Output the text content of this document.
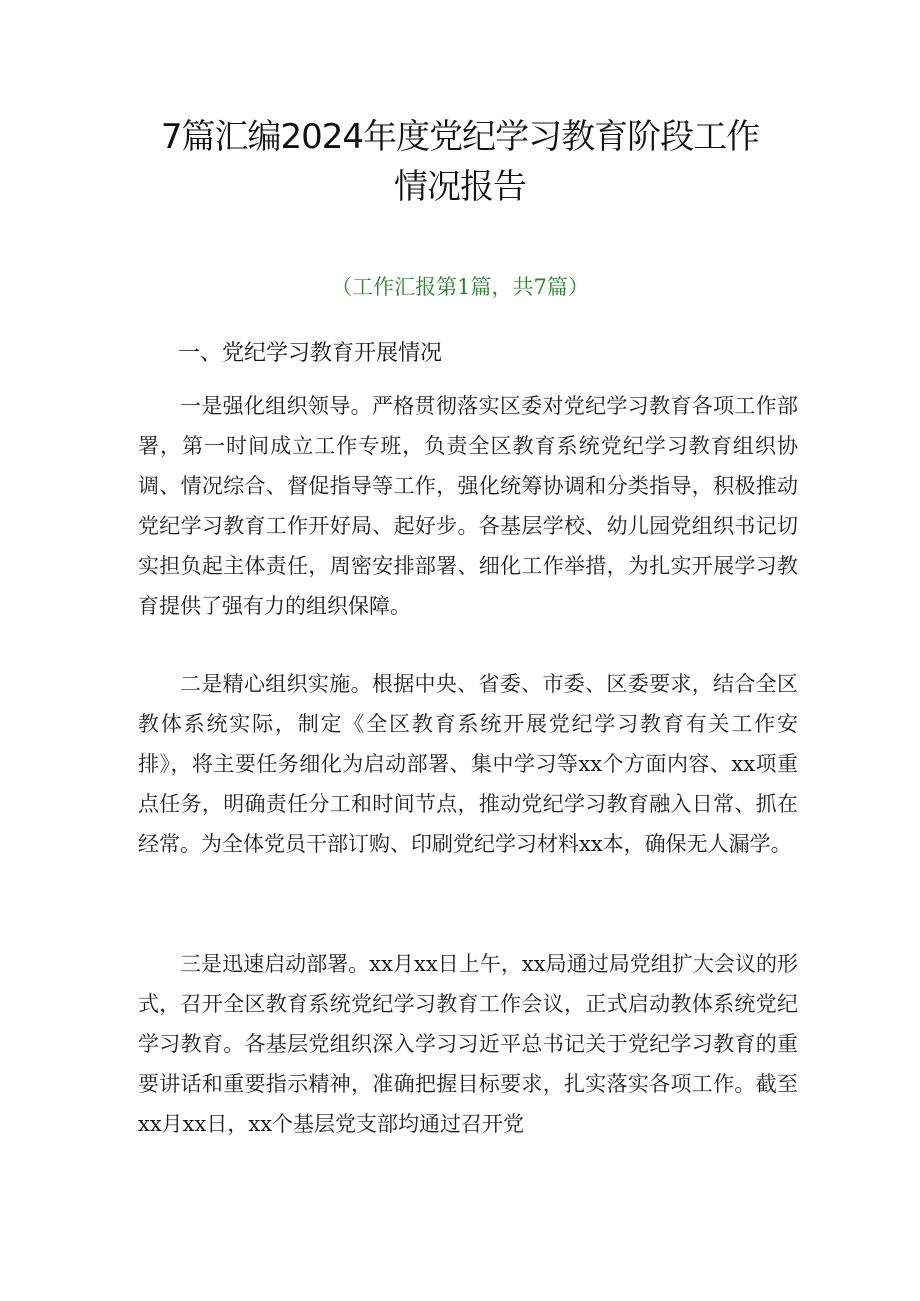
7篇汇编2024年度党纪学习教育阶段工作
情况报告
（工作汇报第1篇，共7篇）
一、党纪学习教育开展情况

一是强化组织领导。严格贯彻落实区委对党纪学习教育各项工作部署，第一时间成立工作专班，负责全区教育系统党纪学习教育组织协调、情况综合、督促指导等工作，强化统筹协调和分类指导，积极推动党纪学习教育工作开好局、起好步。各基层学校、幼儿园党组织书记切实担负起主体责任，周密安排部署、细化工作举措，为扎实开展学习教育提供了强有力的组织保障。

二是精心组织实施。根据中央、省委、市委、区委要求，结合全区教体系统实际，制定《全区教育系统开展党纪学习教育有关工作安排》，将主要任务细化为启动部署、集中学习等xx个方面内容、xx项重点任务，明确责任分工和时间节点，推动党纪学习教育融入日常、抓在经常。为全体党员干部订购、印刷党纪学习材料xx本，确保无人漏学。

三是迅速启动部署。xx月xx日上午，xx局通过局党组扩大会议的形式，召开全区教育系统党纪学习教育工作会议，正式启动教体系统党纪学习教育。各基层党组织深入学习习近平总书记关于党纪学习教育的重要讲话和重要指示精神，准确把握目标要求，扎实落实各项工作。截至xx月xx日，xx个基层党支部均通过召开党
